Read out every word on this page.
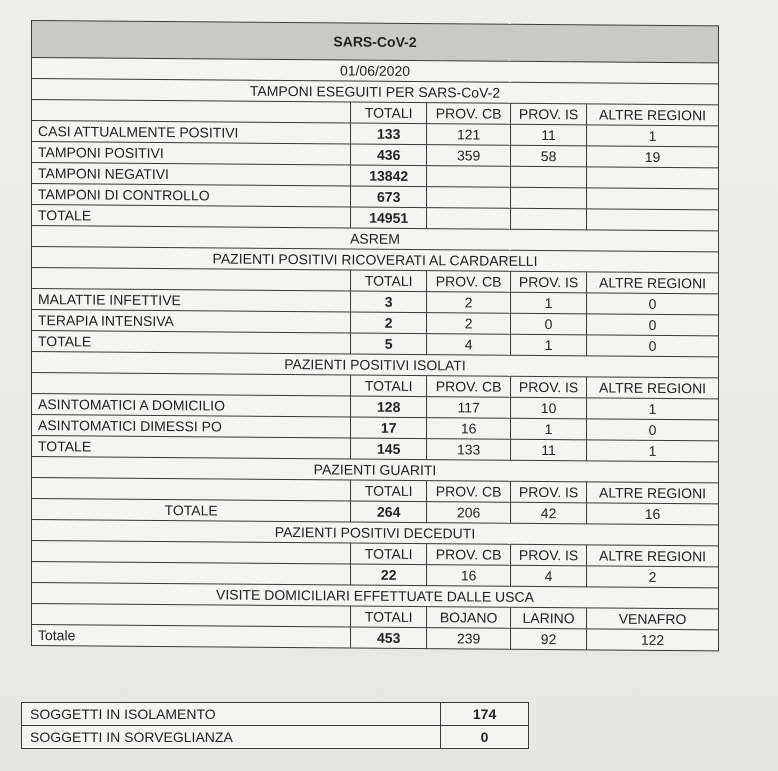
SARS-CoV-2				
01/06/2020				
TAMPONI ESEGUITI PER SARS-CoV-2				
	TOTALI	PROV. CB	PROV. IS	ALTRE REGIONI
CASI ATTUALMENTE POSITIVI	133	121	11	1
TAMPONI POSITIVI	436	359	58	19
TAMPONI NEGATIVI	13842			
TAMPONI DI CONTROLLO	673			
TOTALE	14951			
ASREM				
PAZIENTI POSITIVI RICOVERATI AL CARDARELLI				
	TOTALI	PROV. CB	PROV. IS	ALTRE REGIONI
MALATTIE INFETTIVE	3	2	1	0
TERAPIA INTENSIVA	2	2	0	0
TOTALE	5	4	1	0
PAZIENTI POSITIVI ISOLATI				
	TOTALI	PROV. CB	PROV. IS	ALTRE REGIONI
ASINTOMATICI A DOMICILIO	128	117	10	1
ASINTOMATICI DIMESSI PO	17	16	1	0
TOTALE	145	133	11	1
PAZIENTI GUARITI				
	TOTALI	PROV. CB	PROV. IS	ALTRE REGIONI
TOTALE	264	206	42	16
PAZIENTI POSITIVI DECEDUTI				
	TOTALI	PROV. CB	PROV. IS	ALTRE REGIONI
	22	16	4	2
VISITE DOMICILIARI EFFETTUATE DALLE USCA				
	TOTALI	BOJANO	LARINO	VENAFRO
Totale	453	239	92	122
SOGGETTI IN ISOLAMENTO	174
SOGGETTI IN SORVEGLIANZA	0
